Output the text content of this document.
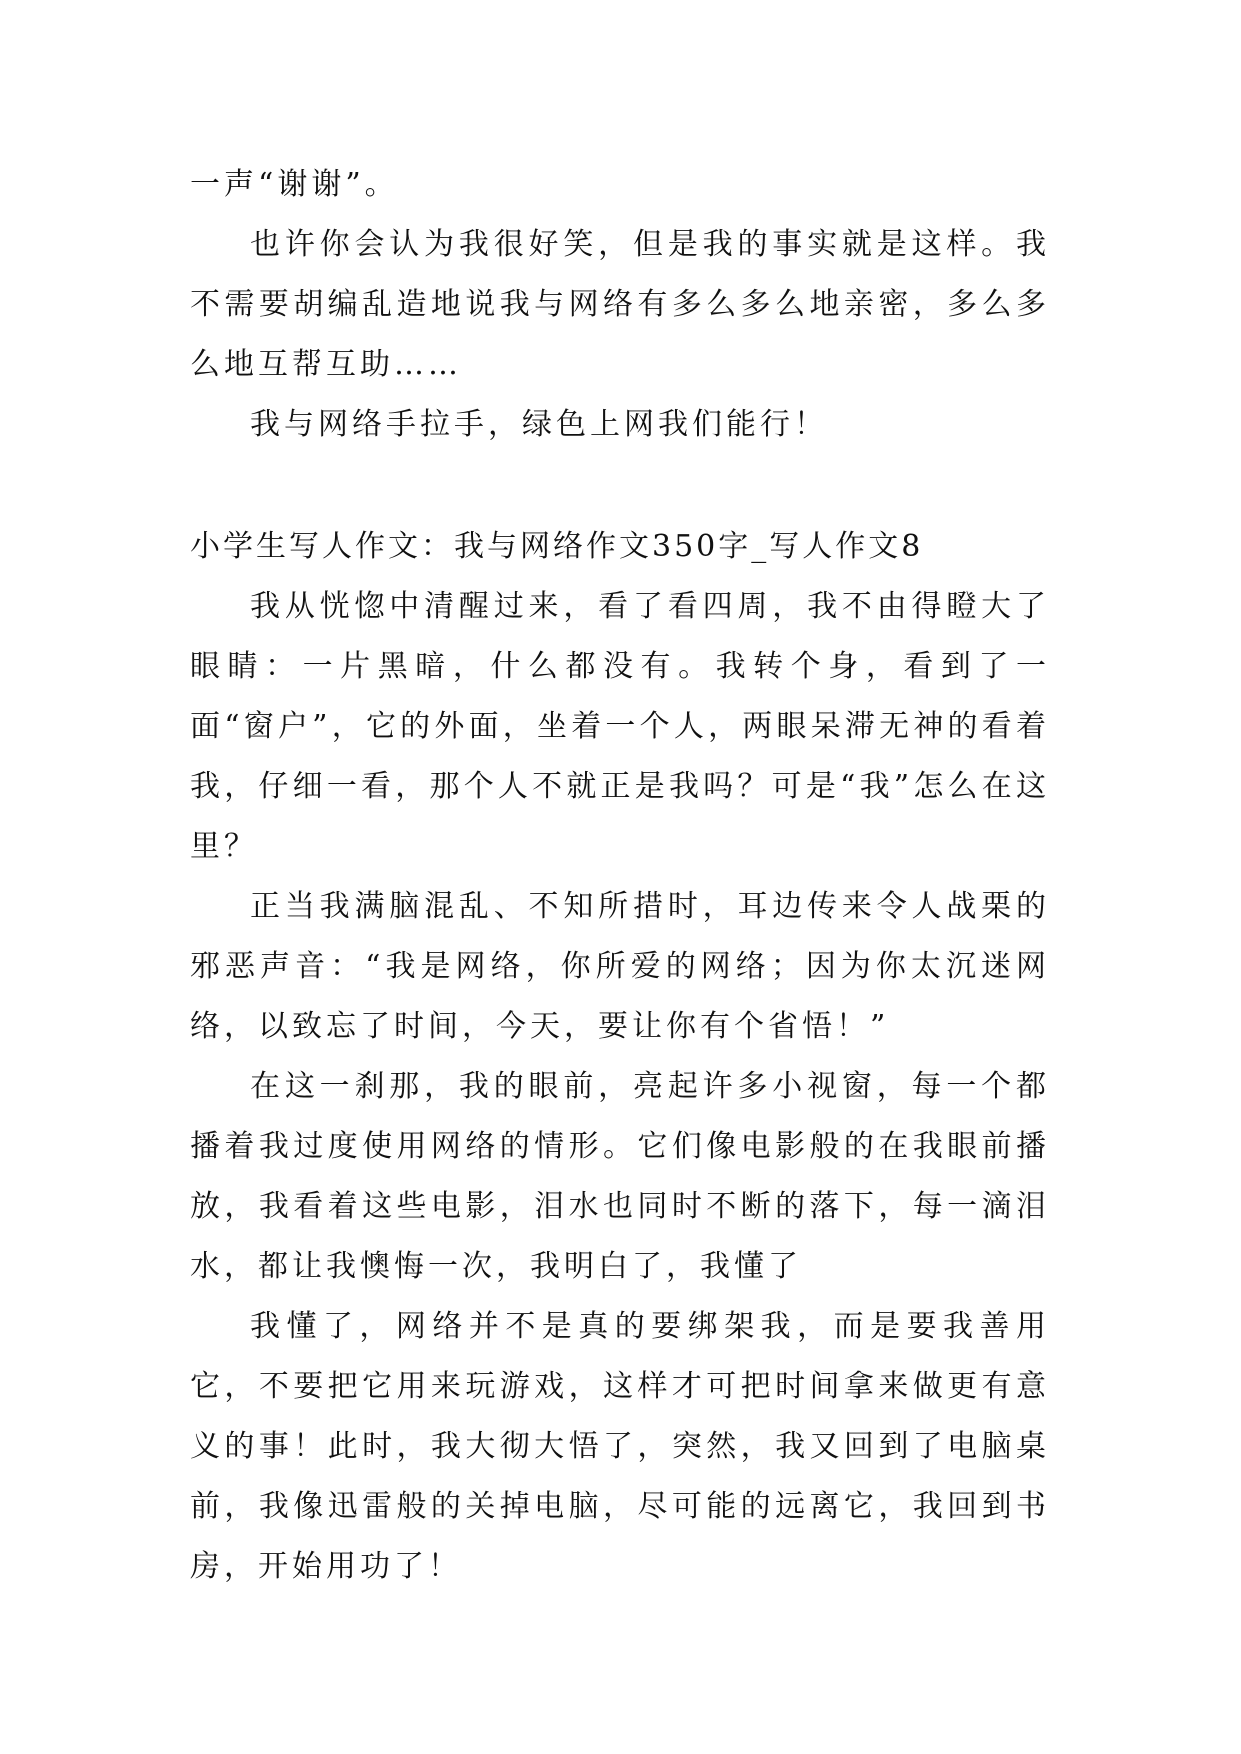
一声“谢谢”。

也许你会认为我很好笑，但是我的事实就是这样。我不需要胡编乱造地说我与网络有多么多么地亲密，多么多么地互帮互助……

我与网络手拉手，绿色上网我们能行！

小学生写人作文：我与网络作文350字_写人作文8

我从恍惚中清醒过来，看了看四周，我不由得瞪大了眼睛：一片黑暗，什么都没有。我转个身，看到了一面“窗户”，它的外面，坐着一个人，两眼呆滞无神的看着我，仔细一看，那个人不就正是我吗？可是“我”怎么在这里？

正当我满脑混乱、不知所措时，耳边传来令人战栗的邪恶声音：“我是网络，你所爱的网络；因为你太沉迷网络，以致忘了时间，今天，要让你有个省悟！”

在这一刹那，我的眼前，亮起许多小视窗，每一个都播着我过度使用网络的情形。它们像电影般的在我眼前播放，我看着这些电影，泪水也同时不断的落下，每一滴泪水，都让我懊悔一次，我明白了，我懂了

我懂了，网络并不是真的要绑架我，而是要我善用它，不要把它用来玩游戏，这样才可把时间拿来做更有意义的事！此时，我大彻大悟了，突然，我又回到了电脑桌前，我像迅雷般的关掉电脑，尽可能的远离它，我回到书房，开始用功了！
